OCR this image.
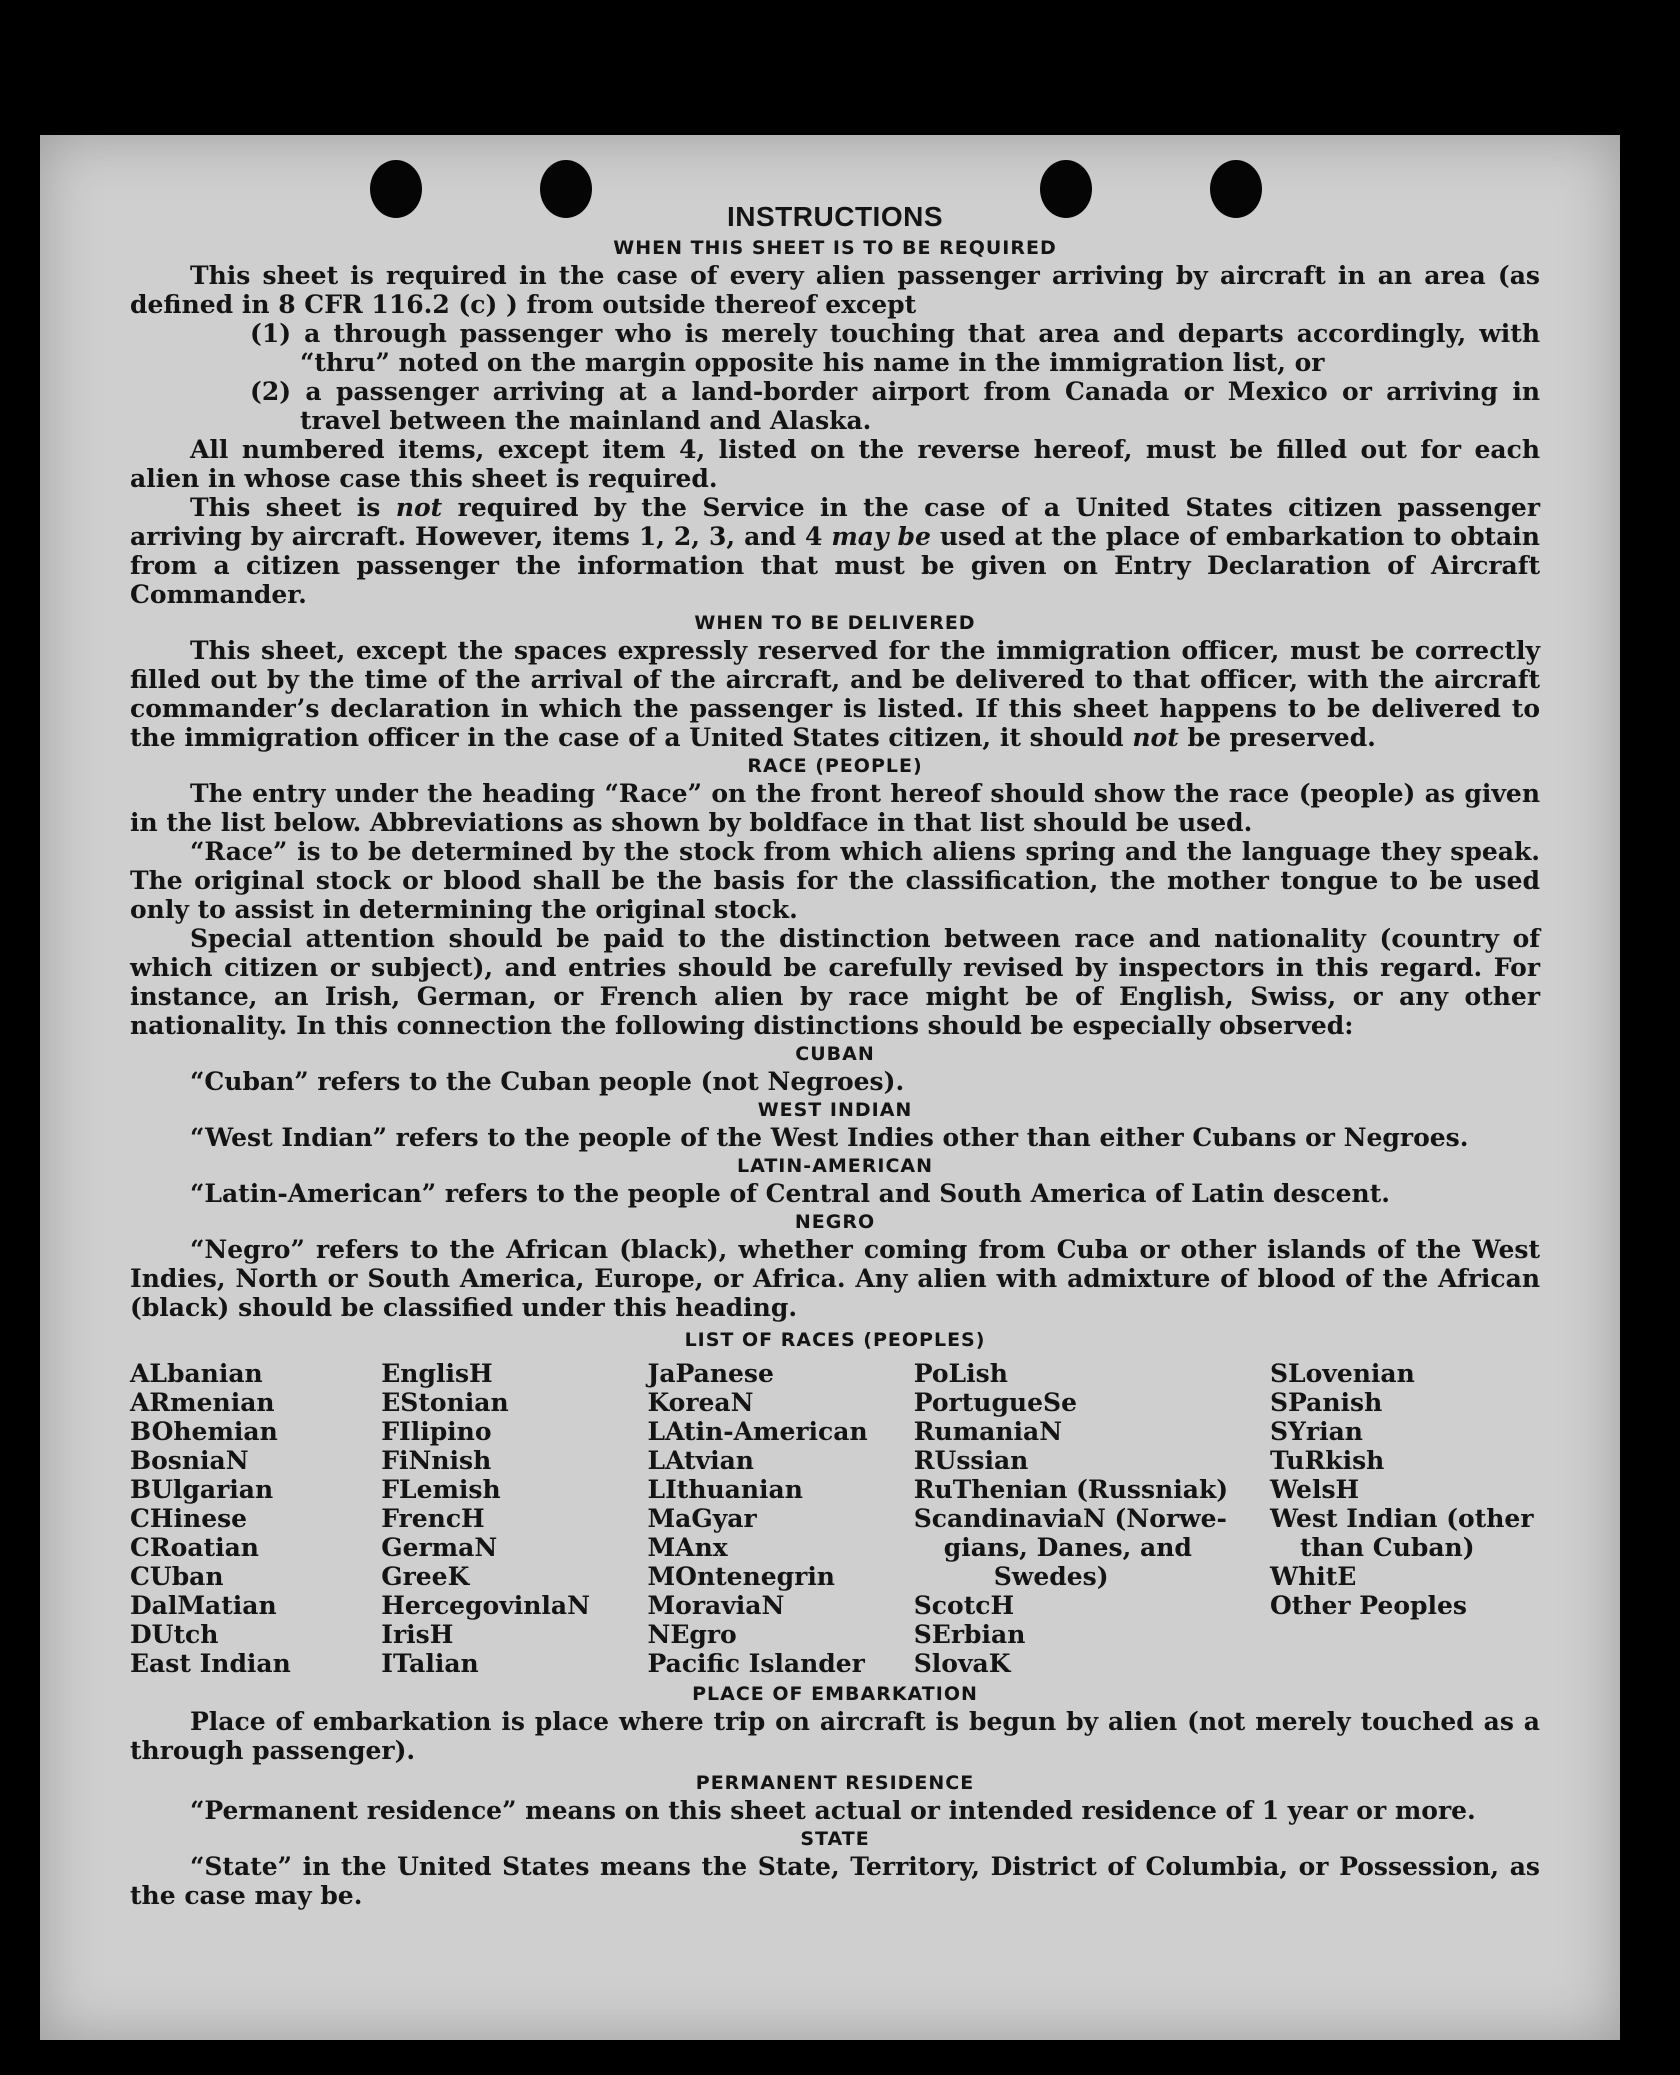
INSTRUCTIONS
WHEN THIS SHEET IS TO BE REQUIRED

This sheet is required in the case of every alien passenger arriving by aircraft in an area (as defined in 8 CFR 116.2 (c) ) from outside thereof except

(1) a through passenger who is merely touching that area and departs accordingly, with “thru” noted on the margin opposite his name in the immigration list, or

(2) a passenger arriving at a land-border airport from Canada or Mexico or arriving in travel between the mainland and Alaska.

All numbered items, except item 4, listed on the reverse hereof, must be filled out for each alien in whose case this sheet is required.

This sheet is not required by the Service in the case of a United States citizen passenger arriving by aircraft. However, items 1, 2, 3, and 4 may be used at the place of embarkation to obtain from a citizen passenger the information that must be given on Entry Declaration of Aircraft Commander.

WHEN TO BE DELIVERED

This sheet, except the spaces expressly reserved for the immigration officer, must be correctly filled out by the time of the arrival of the aircraft, and be delivered to that officer, with the aircraft commander’s declaration in which the passenger is listed. If this sheet happens to be delivered to the immigration officer in the case of a United States citizen, it should not be preserved.

RACE (PEOPLE)

The entry under the heading “Race” on the front hereof should show the race (people) as given in the list below. Abbreviations as shown by boldface in that list should be used.

“Race” is to be determined by the stock from which aliens spring and the language they speak. The original stock or blood shall be the basis for the classification, the mother tongue to be used only to assist in determining the original stock.

Special attention should be paid to the distinction between race and nationality (country of which citizen or subject), and entries should be carefully revised by inspectors in this regard. For instance, an Irish, German, or French alien by race might be of English, Swiss, or any other nationality. In this connection the following distinctions should be especially observed:

CUBAN

“Cuban” refers to the Cuban people (not Negroes).

WEST INDIAN

“West Indian” refers to the people of the West Indies other than either Cubans or Negroes.

LATIN-AMERICAN

“Latin-American” refers to the people of Central and South America of Latin descent.

NEGRO

“Negro” refers to the African (black), whether coming from Cuba or other islands of the West Indies, North or South America, Europe, or Africa. Any alien with admixture of blood of the African (black) should be classified under this heading.

LIST OF RACES (PEOPLES)
ALbanian
ARmenian
BOhemian
BosniaN
BUlgarian
CHinese
CRoatian
CUban
DalMatian
DUtch
East Indian
EnglisH
EStonian
FIlipino
FiNnish
FLemish
FrencH
GermaN
GreeK
HercegovinlaN
IrisH
ITalian
JaPanese
KoreaN
LAtin-American
LAtvian
LIthuanian
MaGyar
MAnx
MOntenegrin
MoraviaN
NEgro
Pacific Islander
PoLish
PortugueSe
RumaniaN
RUssian
RuThenian (Russniak)
ScandinaviaN (Norwe-
gians, Danes, and
Swedes)
ScotcH
SErbian
SlovaK
SLovenian
SPanish
SYrian
TuRkish
WelsH
West Indian (other
than Cuban)
WhitE
Other Peoples
PLACE OF EMBARKATION

Place of embarkation is place where trip on aircraft is begun by alien (not merely touched as a through passenger).

PERMANENT RESIDENCE

“Permanent residence” means on this sheet actual or intended residence of 1 year or more.

STATE

“State” in the United States means the State, Territory, District of Columbia, or Possession, as the case may be.
